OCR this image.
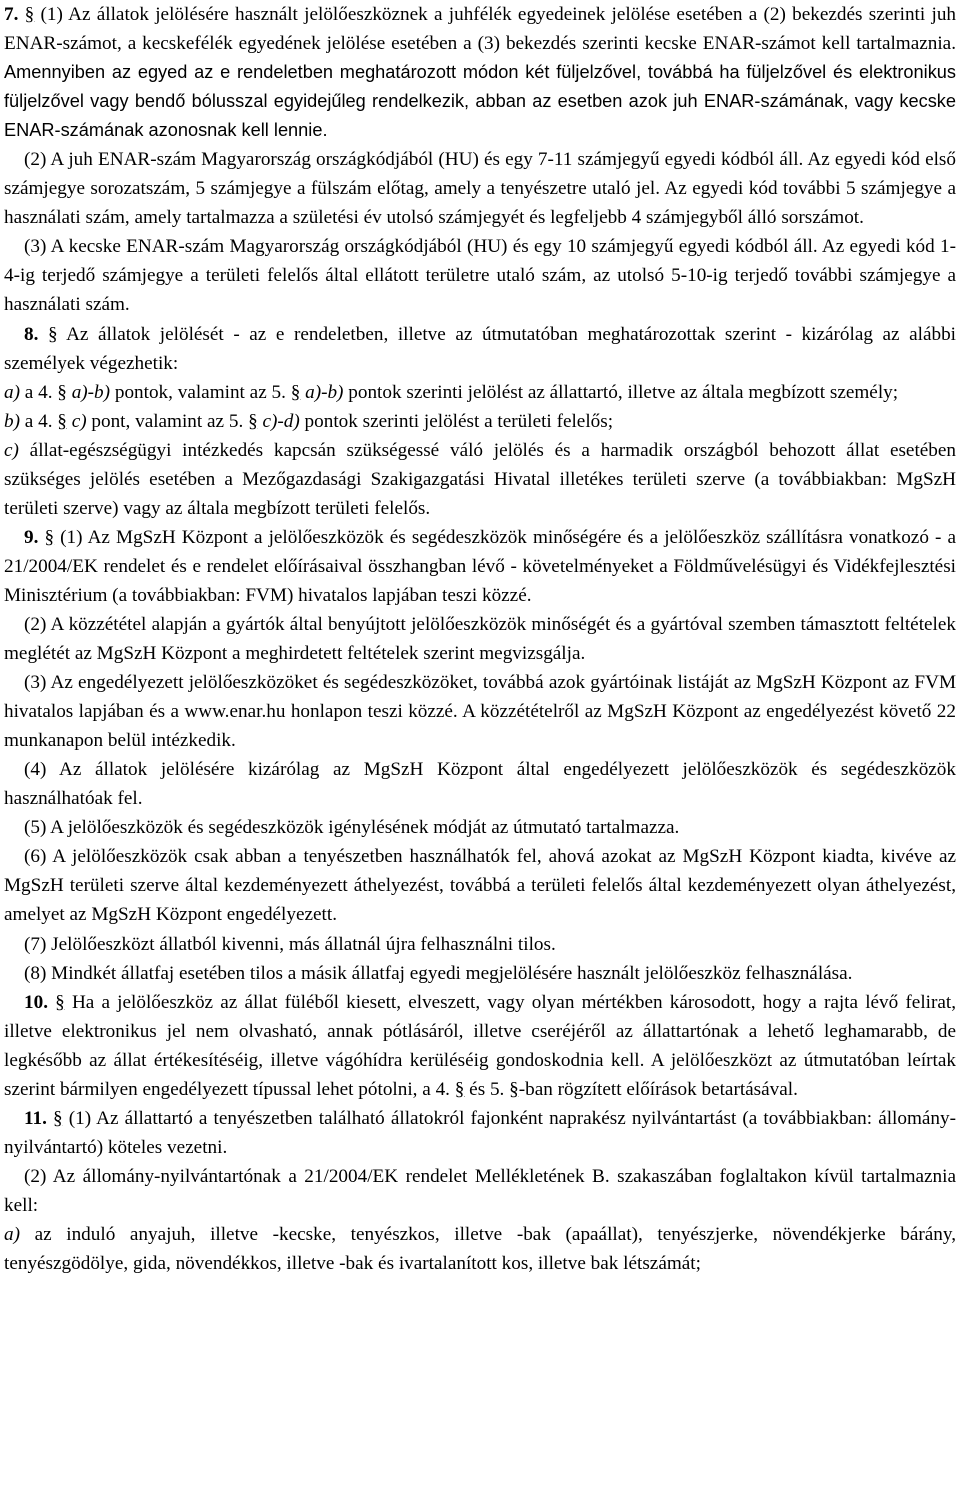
7. § (1) Az állatok jelölésére használt jelölőeszköznek a juhfélék egyedeinek jelölése esetében a (2) bekezdés szerinti juh ENAR-számot, a kecskefélék egyedének jelölése esetében a (3) bekezdés szerinti kecske ENAR-számot kell tartalmaznia. Amennyiben az egyed az e rendeletben meghatározott módon két füljelzővel, továbbá ha füljelzővel és elektronikus füljelzővel vagy bendő bólusszal egyidejűleg rendelkezik, abban az esetben azok juh ENAR-számának, vagy kecske ENAR-számának azonosnak kell lennie.

(2) A juh ENAR-szám Magyarország országkódjából (HU) és egy 7-11 számjegyű egyedi kódból áll. Az egyedi kód első számjegye sorozatszám, 5 számjegye a fülszám előtag, amely a tenyészetre utaló jel. Az egyedi kód további 5 számjegye a használati szám, amely tartalmazza a születési év utolsó számjegyét és legfeljebb 4 számjegyből álló sorszámot.

(3) A kecske ENAR-szám Magyarország országkódjából (HU) és egy 10 számjegyű egyedi kódból áll. Az egyedi kód 1-4-ig terjedő számjegye a területi felelős által ellátott területre utaló szám, az utolsó 5-10-ig terjedő további számjegye a használati szám.

8. § Az állatok jelölését - az e rendeletben, illetve az útmutatóban meghatározottak szerint - kizárólag az alábbi személyek végezhetik:

a) a 4. § a)-b) pontok, valamint az 5. § a)-b) pontok szerinti jelölést az állattartó, illetve az általa megbízott személy;

b) a 4. § c) pont, valamint az 5. § c)-d) pontok szerinti jelölést a területi felelős;

c) állat-egészségügyi intézkedés kapcsán szükségessé váló jelölés és a harmadik országból behozott állat esetében szükséges jelölés esetében a Mezőgazdasági Szakigazgatási Hivatal illetékes területi szerve (a továbbiakban: MgSzH területi szerve) vagy az általa megbízott területi felelős.

9. § (1) Az MgSzH Központ a jelölőeszközök és segédeszközök minőségére és a jelölőeszköz szállításra vonatkozó - a 21/2004/EK rendelet és e rendelet előírásaival összhangban lévő - követelményeket a Földművelésügyi és Vidékfejlesztési Minisztérium (a továbbiakban: FVM) hivatalos lapjában teszi közzé.

(2) A közzététel alapján a gyártók által benyújtott jelölőeszközök minőségét és a gyártóval szemben támasztott feltételek meglétét az MgSzH Központ a meghirdetett feltételek szerint megvizsgálja.

(3) Az engedélyezett jelölőeszközöket és segédeszközöket, továbbá azok gyártóinak listáját az MgSzH Központ az FVM hivatalos lapjában és a www.enar.hu honlapon teszi közzé. A közzétételről az MgSzH Központ az engedélyezést követő 22 munkanapon belül intézkedik.

(4) Az állatok jelölésére kizárólag az MgSzH Központ által engedélyezett jelölőeszközök és segédeszközök használhatóak fel.

(5) A jelölőeszközök és segédeszközök igénylésének módját az útmutató tartalmazza.

(6) A jelölőeszközök csak abban a tenyészetben használhatók fel, ahová azokat az MgSzH Központ kiadta, kivéve az MgSzH területi szerve által kezdeményezett áthelyezést, továbbá a területi felelős által kezdeményezett olyan áthelyezést, amelyet az MgSzH Központ engedélyezett.

(7) Jelölőeszközt állatból kivenni, más állatnál újra felhasználni tilos.

(8) Mindkét állatfaj esetében tilos a másik állatfaj egyedi megjelölésére használt jelölőeszköz felhasználása.

10. § Ha a jelölőeszköz az állat füléből kiesett, elveszett, vagy olyan mértékben károsodott, hogy a rajta lévő felirat, illetve elektronikus jel nem olvasható, annak pótlásáról, illetve cseréjéről az állattartónak a lehető leghamarabb, de legkésőbb az állat értékesítéséig, illetve vágóhídra kerüléséig gondoskodnia kell. A jelölőeszközt az útmutatóban leírtak szerint bármilyen engedélyezett típussal lehet pótolni, a 4. § és 5. §-ban rögzített előírások betartásával.

11. § (1) Az állattartó a tenyészetben található állatokról fajonként naprakész nyilvántartást (a továbbiakban: állomány-nyilvántartó) köteles vezetni.

(2) Az állomány-nyilvántartónak a 21/2004/EK rendelet Mellékletének B. szakaszában foglaltakon kívül tartalmaznia kell:

a) az induló anyajuh, illetve -kecske, tenyészkos, illetve -bak (apaállat), tenyészjerke, növendékjerke bárány, tenyészgödölye, gida, növendékkos, illetve -bak és ivartalanított kos, illetve bak létszámát;
